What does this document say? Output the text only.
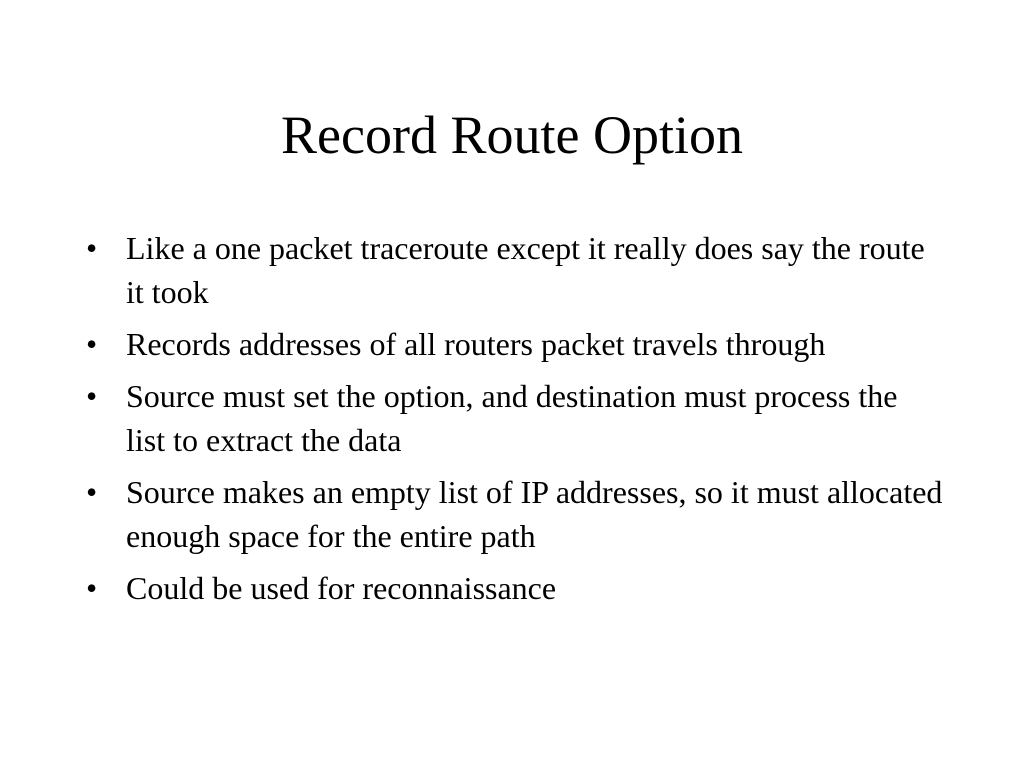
Record Route Option
• Like a one packet traceroute except it really does say the route it took
• Records addresses of all routers packet travels through
• Source must set the option, and destination must process the list to extract the data
• Source makes an empty list of IP addresses, so it must allocated enough space for the entire path
• Could be used for reconnaissance
